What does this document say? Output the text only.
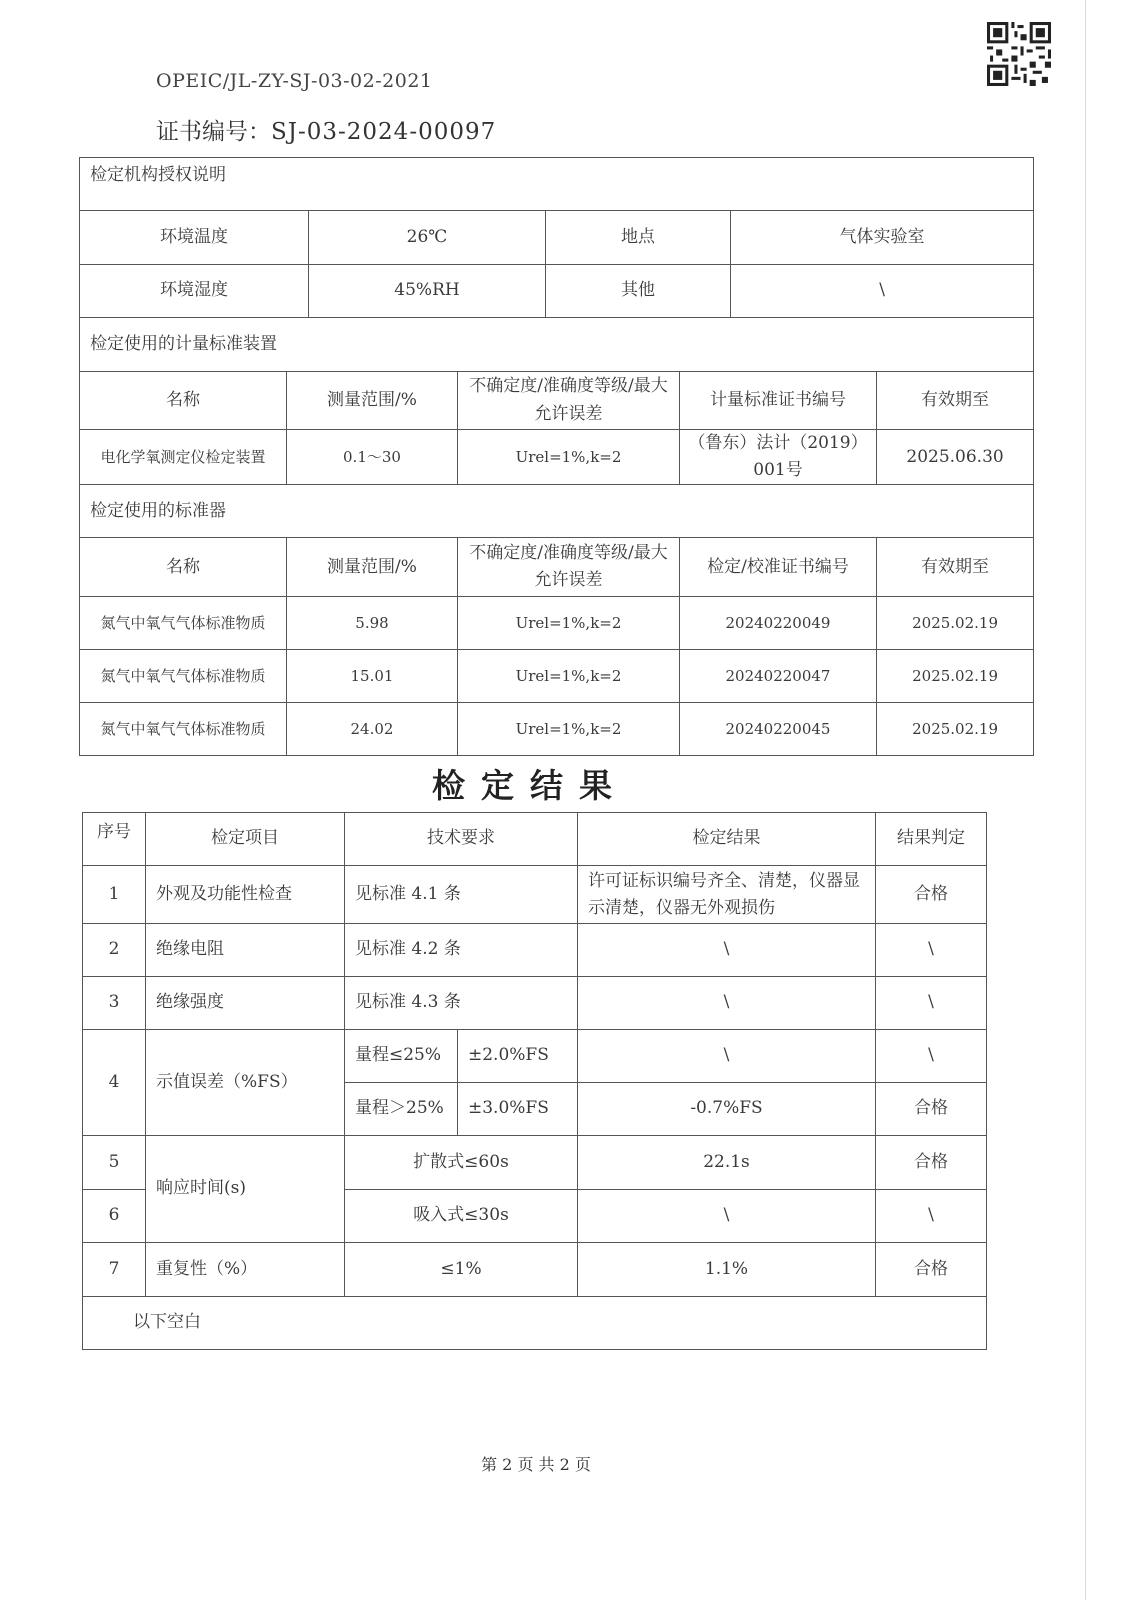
OPEIC/JL-ZY-SJ-03-02-2021
证书编号：SJ-03-2024-00097
检定机构授权说明							
环境温度		26℃		地点		气体实验室	
环境湿度		45%RH		其他		\	
检定使用的计量标准装置							
名称	测量范围/%		不确定度/准确度等级/最大允许误差		计量标准证书编号		有效期至
电化学氧测定仪检定装置	0.1～30		Urel=1%,k=2		（鲁东）法计（2019）001号		2025.06.30
检定使用的标准器							
名称	测量范围/%		不确定度/准确度等级/最大允许误差		检定/校准证书编号		有效期至
氮气中氧气气体标准物质	5.98		Urel=1%,k=2		20240220049		2025.02.19
氮气中氧气气体标准物质	15.01		Urel=1%,k=2		20240220047		2025.02.19
氮气中氧气气体标准物质	24.02		Urel=1%,k=2		20240220045		2025.02.19
检定结果
序号	检定项目	技术要求		检定结果	结果判定
1	外观及功能性检查	见标准 4.1 条		许可证标识编号齐全、清楚，仪器显示清楚，仪器无外观损伤	合格
2	绝缘电阻	见标准 4.2 条		\	\
3	绝缘强度	见标准 4.3 条		\	\
4	示值误差（%FS）	量程≤25%	±2.0%FS	\	\
		量程＞25%	±3.0%FS	-0.7%FS	合格
5	响应时间(s)	扩散式≤60s		22.1s	合格
6		吸入式≤30s		\	\
7	重复性（%）	≤1%		1.1%	合格
以下空白					
第 2 页 共 2 页
